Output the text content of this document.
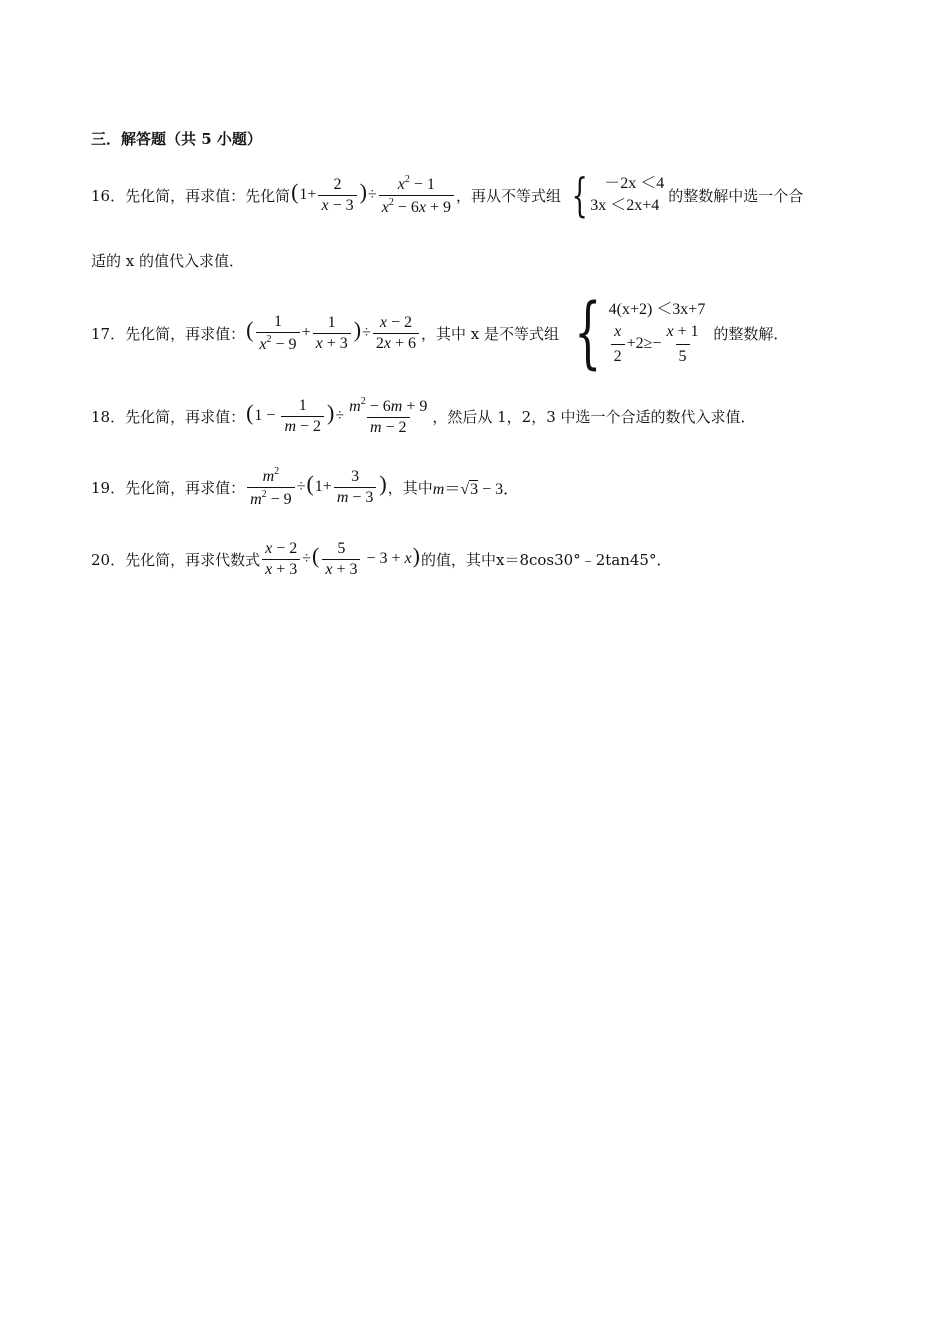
三．解答题（共 5 小题）
16．先化简，再求值：先化简 ($1+ \frac{2}{x - 3}$ )÷ $\frac{x^2 - 1}{x^2 - 6x + 9}$ ，再从不等式组 {	－2x ＜4
3x ＜2x+4
的整数解中选一个合
适的 x 的值代入求值．
17．先化简，再求值： ( $\frac{1}{x^2 - 9} + \frac{1}{x + 3}$ )÷ $\frac{x - 2}{2x + 6}$ ，其中 x 是不等式组 { 4(x+2) ＜3x+7
$\frac{x}{2} +2\ge- \frac{x + 1}{5}$ 的整数解．
18．先化简，再求值： ($1 - \frac{1}{m - 2}$ )÷ $\frac{m^2 - 6m + 9}{m - 2}$ ，然后从 1，2，3 中选一个合适的数代入求值．
19．先化简，再求值： $\frac{m^2}{m^2 - 9} \div(1+ \frac{3}{m - 3}$ ) ，其中 m＝√3 − 3．
20．先化简，再求代数式 $\frac{x - 2}{x + 3}$ ÷( $\frac{5}{x + 3} - 3 + x$) 的值，其中 x＝8cos30°﹣2tan45°．
